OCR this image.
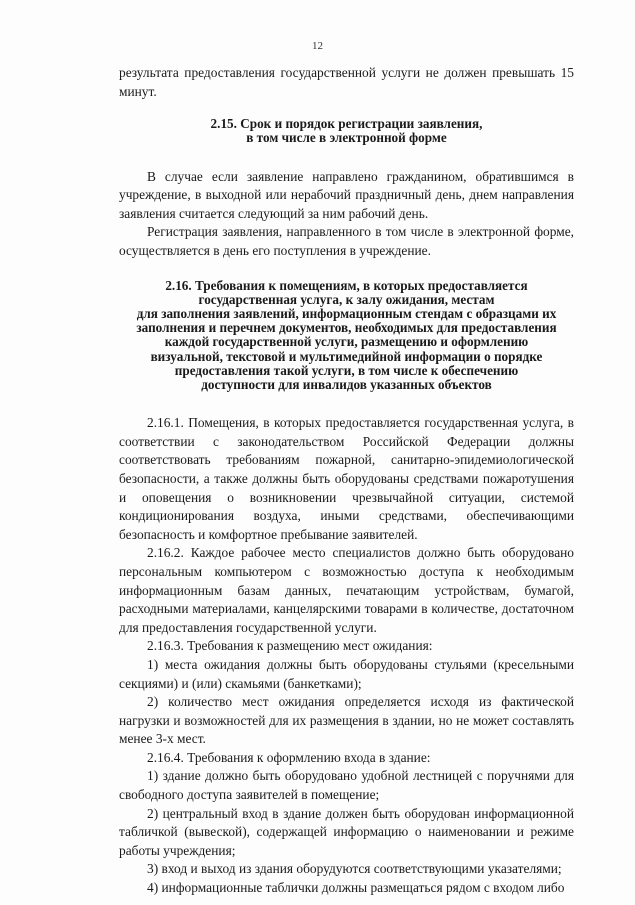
12

результата предоставления государственной услуги не должен превышать 15 минут.

2.15. Срок и порядок регистрации заявления,
в том числе в электронной форме

В случае если заявление направлено гражданином, обратившимся в учреждение, в выходной или нерабочий праздничный день, днем направления заявления считается следующий за ним рабочий день.

Регистрация заявления, направленного в том числе в электронной форме, осуществляется в день его поступления в учреждение.

2.16. Требования к помещениям, в которых предоставляется
государственная услуга, к залу ожидания, местам
для заполнения заявлений, информационным стендам с образцами их
заполнения и перечнем документов, необходимых для предоставления
каждой государственной услуги, размещению и оформлению
визуальной, текстовой и мультимедийной информации о порядке
предоставления такой услуги, в том числе к обеспечению
доступности для инвалидов указанных объектов

2.16.1. Помещения, в которых предоставляется государственная услуга, в соответствии с законодательством Российской Федерации должны соответствовать требованиям пожарной, санитарно-эпидемиологической безопасности, а также должны быть оборудованы средствами пожаротушения и оповещения о возникновении чрезвычайной ситуации, системой кондиционирования воздуха, иными средствами, обеспечивающими безопасность и комфортное пребывание заявителей.

2.16.2. Каждое рабочее место специалистов должно быть оборудовано персональным компьютером с возможностью доступа к необходимым информационным базам данных, печатающим устройствам, бумагой, расходными материалами, канцелярскими товарами в количестве, достаточном для предоставления государственной услуги.

2.16.3. Требования к размещению мест ожидания:

1) места ожидания должны быть оборудованы стульями (кресельными секциями) и (или) скамьями (банкетками);

2) количество мест ожидания определяется исходя из фактической нагрузки и возможностей для их размещения в здании, но не может составлять менее 3-х мест.

2.16.4. Требования к оформлению входа в здание:

1) здание должно быть оборудовано удобной лестницей с поручнями для свободного доступа заявителей в помещение;

2) центральный вход в здание должен быть оборудован информационной табличкой (вывеской), содержащей информацию о наименовании и режиме работы учреждения;

3) вход и выход из здания оборудуются соответствующими указателями;

4) информационные таблички должны размещаться рядом с входом либо
